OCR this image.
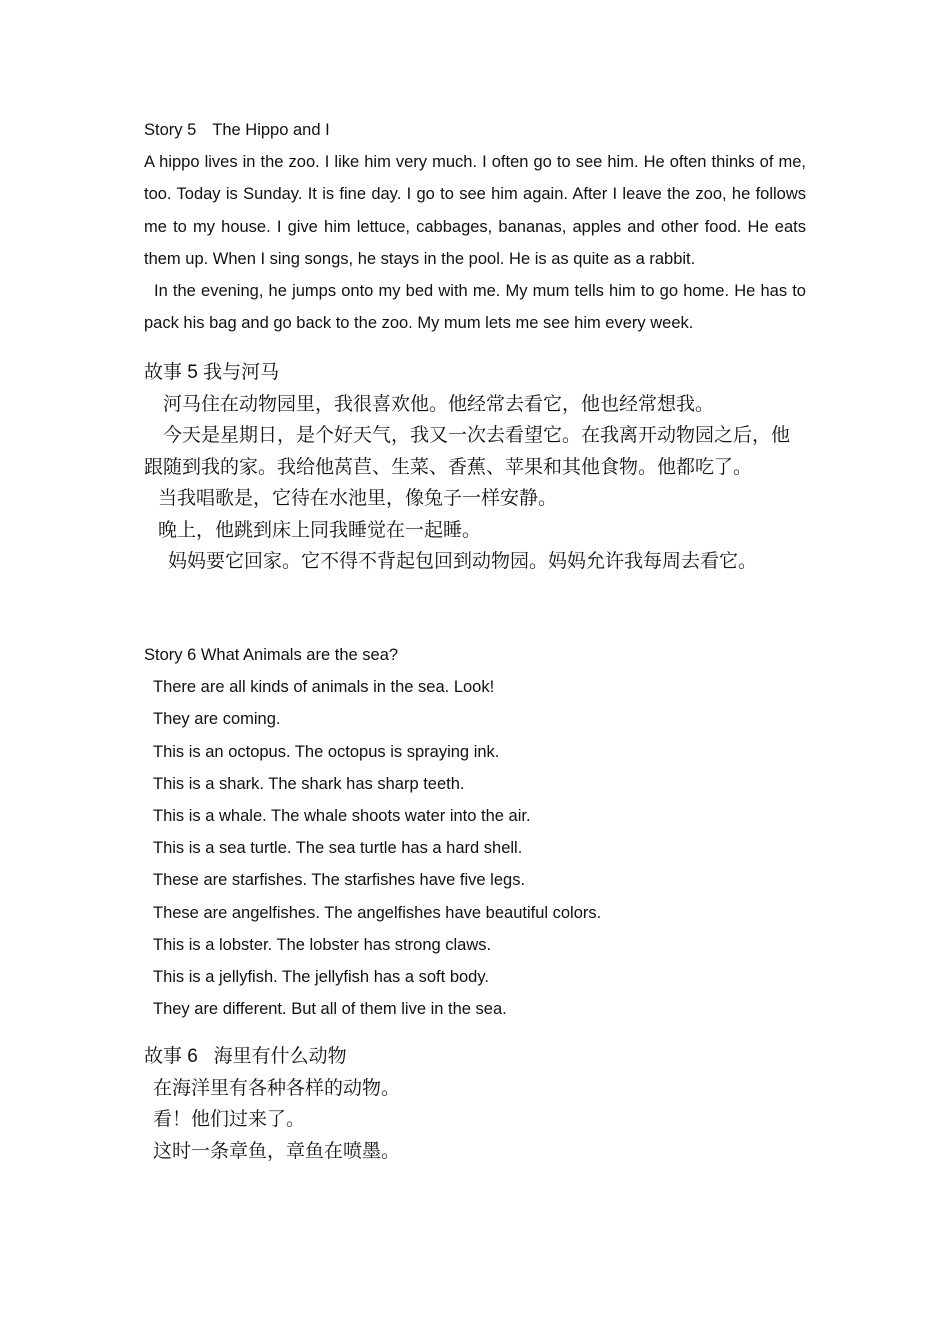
Story 5 The Hippo and I

A hippo lives in the zoo. I like him very much. I often go to see him. He often thinks of me, too. Today is Sunday. It is fine day. I go to see him again. After I leave the zoo, he follows me to my house. I give him lettuce, cabbages, bananas, apples and other food. He eats them up. When I sing songs, he stays in the pool. He is as quite as a rabbit.

In the evening, he jumps onto my bed with me. My mum tells him to go home. He has to pack his bag and go back to the zoo. My mum lets me see him every week.

故事 5 我与河马

河马住在动物园里，我很喜欢他。他经常去看它，他也经常想我。

今天是星期日，是个好天气，我又一次去看望它。在我离开动物园之后，他跟随到我的家。我给他莴苣、生菜、香蕉、苹果和其他食物。他都吃了。

当我唱歌是，它待在水池里，像兔子一样安静。

晚上，他跳到床上同我睡觉在一起睡。

妈妈要它回家。它不得不背起包回到动物园。妈妈允许我每周去看它。

Story 6 What Animals are the sea?

There are all kinds of animals in the sea. Look!

They are coming.

This is an octopus. The octopus is spraying ink.

This is a shark. The shark has sharp teeth.

This is a whale. The whale shoots water into the air.

This is a sea turtle. The sea turtle has a hard shell.

These are starfishes. The starfishes have five legs.

These are angelfishes. The angelfishes have beautiful colors.

This is a lobster. The lobster has strong claws.

This is a jellyfish. The jellyfish has a soft body.

They are different. But all of them live in the sea.

故事 6   海里有什么动物

在海洋里有各种各样的动物。

看！他们过来了。

这时一条章鱼，章鱼在喷墨。
